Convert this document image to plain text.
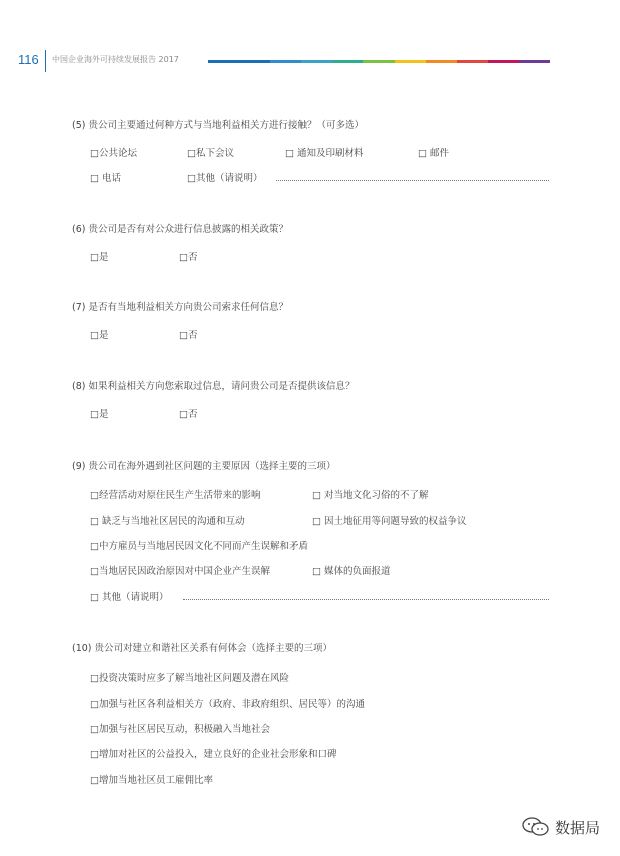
116 中国企业海外可持续发展报告 2017
(5) 贵公司主要通过何种方式与当地利益相关方进行接触？（可多选）
□公共论坛	□私下会议	□ 通知及印刷材料	□ 邮件
□ 电话	□其他（请说明）
(6) 贵公司是否有对公众进行信息披露的相关政策？
□是	□否
(7) 是否有当地利益相关方向贵公司索求任何信息？
□是	□否
(8) 如果利益相关方向您索取过信息，请问贵公司是否提供该信息？
□是	□否
(9) 贵公司在海外遇到社区问题的主要原因（选择主要的三项）
□经营活动对原住民生产生活带来的影响	□ 对当地文化习俗的不了解
□ 缺乏与当地社区居民的沟通和互动	□ 因土地征用等问题导致的权益争议
□中方雇员与当地居民因文化不同而产生误解和矛盾
□当地居民因政治原因对中国企业产生误解	□ 媒体的负面报道
□ 其他（请说明）
(10) 贵公司对建立和谐社区关系有何体会（选择主要的三项）
□投资决策时应多了解当地社区问题及潜在风险
□加强与社区各利益相关方（政府、非政府组织、居民等）的沟通
□加强与社区居民互动，积极融入当地社会
□增加对社区的公益投入，建立良好的企业社会形象和口碑
□增加当地社区员工雇佣比率
数据局
